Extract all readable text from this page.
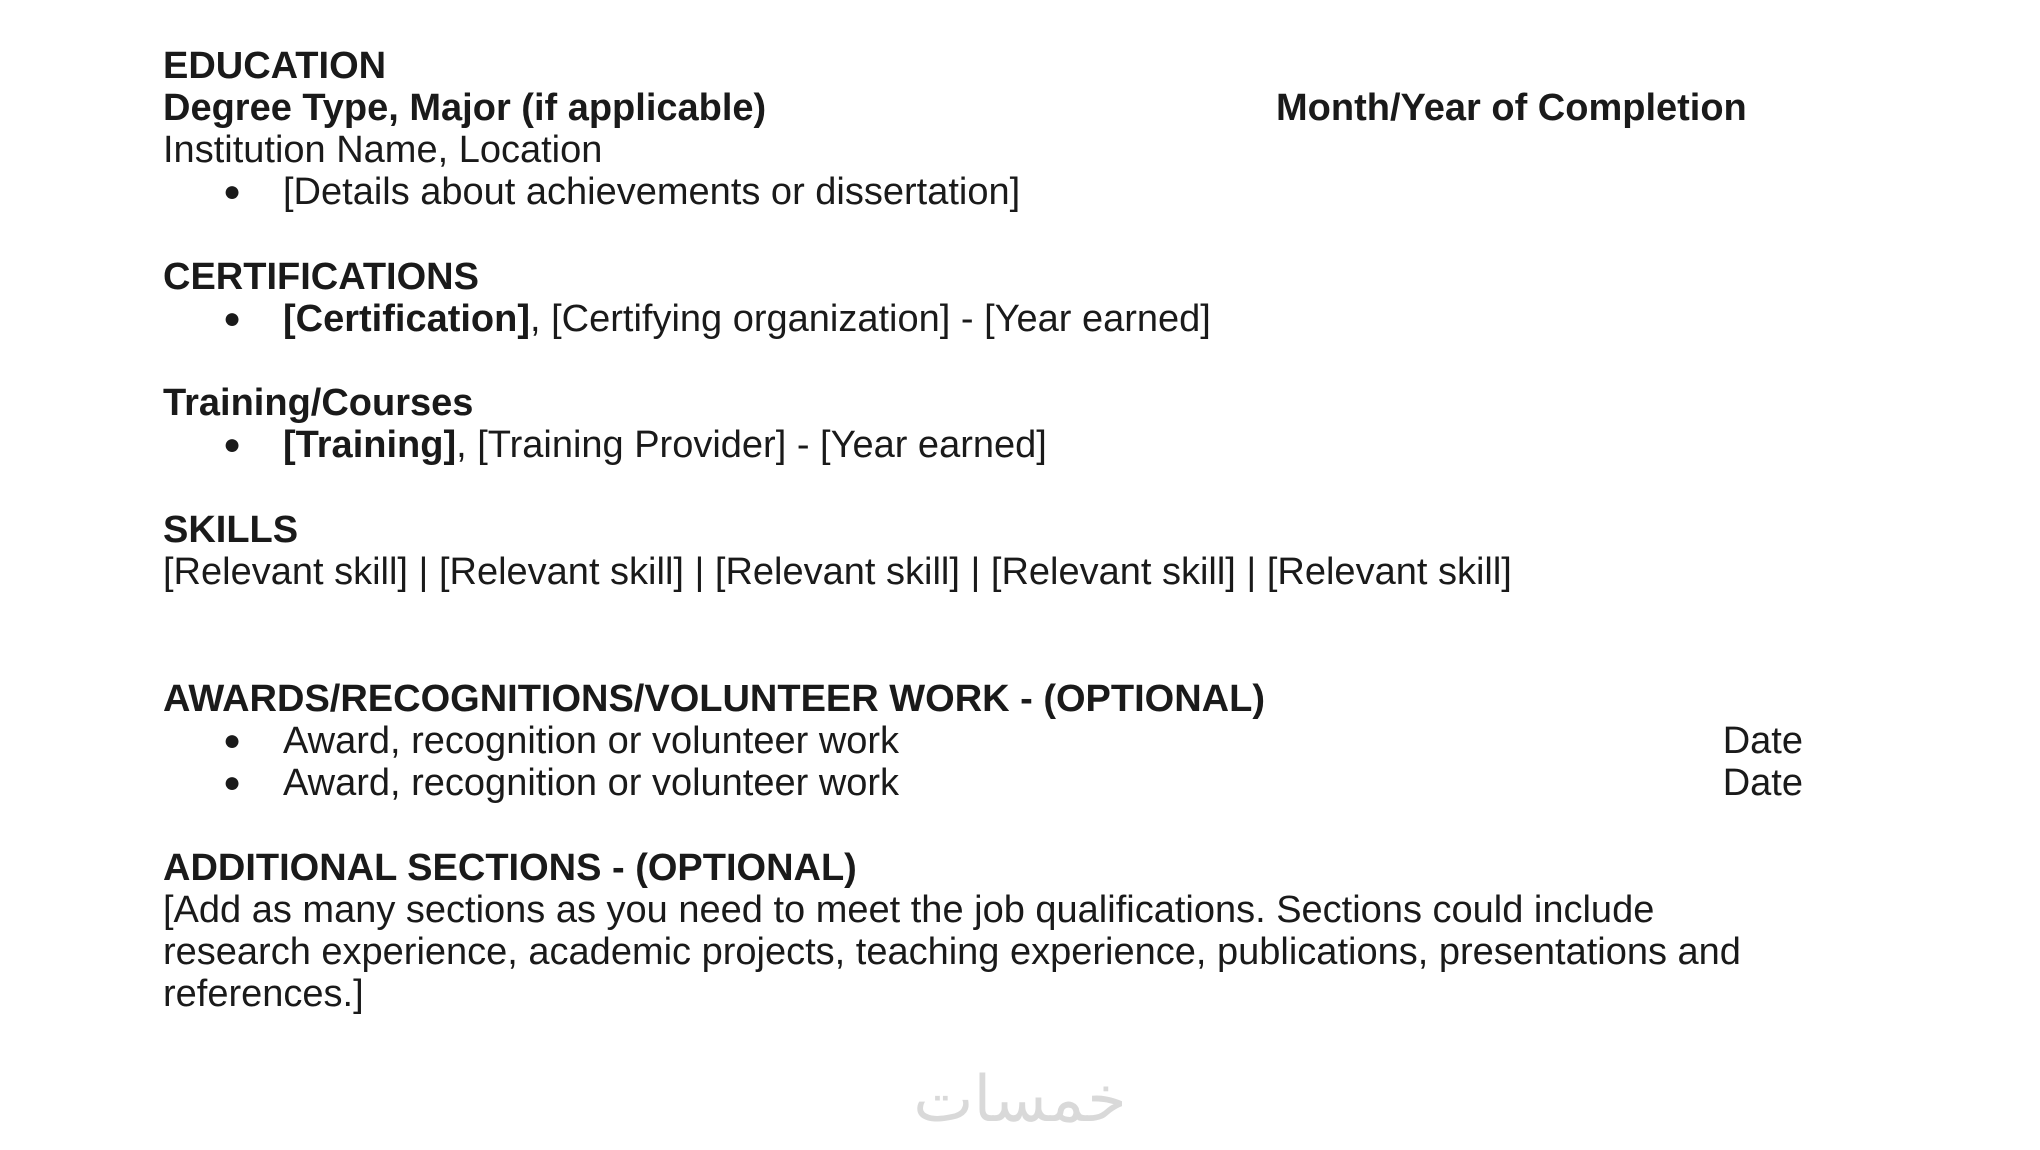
EDUCATION
Degree Type, Major (if applicable)	Month/Year of Completion
Institution Name, Location
● [Details about achievements or dissertation]
CERTIFICATIONS
● [Certification], [Certifying organization] - [Year earned]
Training/Courses
● [Training], [Training Provider] - [Year earned]
SKILLS
[Relevant skill] | [Relevant skill] | [Relevant skill] | [Relevant skill] | [Relevant skill]
AWARDS/RECOGNITIONS/VOLUNTEER WORK - (OPTIONAL)
● Award, recognition or volunteer work	Date
● Award, recognition or volunteer work	Date
ADDITIONAL SECTIONS - (OPTIONAL)

[Add as many sections as you need to meet the job qualifications. Sections could include research experience, academic projects, teaching experience, publications, presentations and references.]

خمسات
